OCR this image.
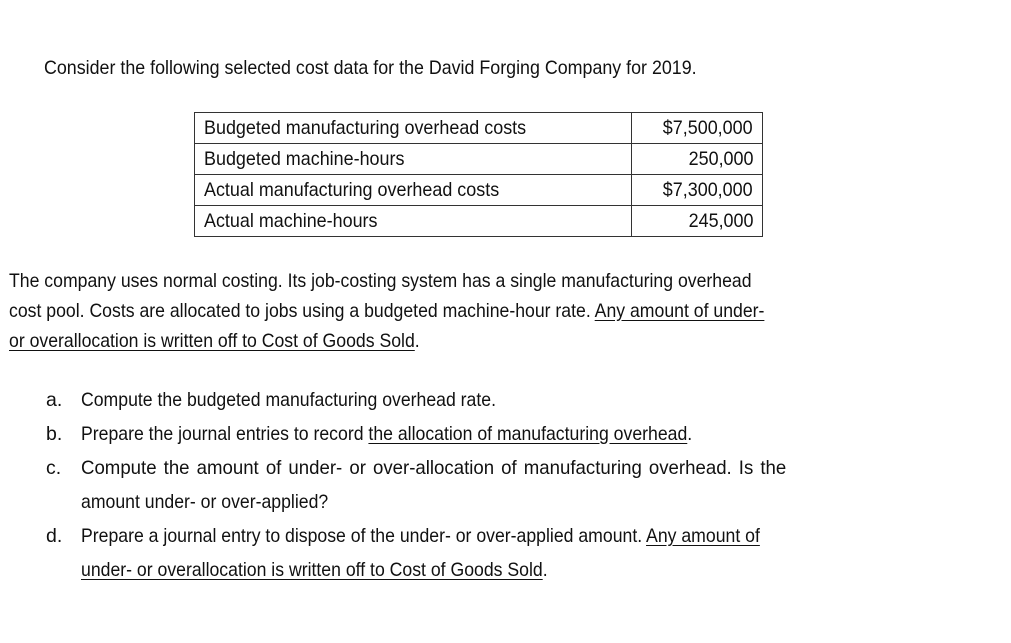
Consider the following selected cost data for the David Forging Company for 2019.
Budgeted manufacturing overhead costs	$7,500,000
Budgeted machine-hours	250,000
Actual manufacturing overhead costs	$7,300,000
Actual machine-hours	245,000
The company uses normal costing. Its job-costing system has a single manufacturing overhead
cost pool. Costs are allocated to jobs using a budgeted machine-hour rate. Any amount of under-
or overallocation is written off to Cost of Goods Sold.
a. Compute the budgeted manufacturing overhead rate.
b. Prepare the journal entries to record the allocation of manufacturing overhead.
c.	Compute the amount of under- or over-allocation of manufacturing overhead. Is the
amount under- or over-applied?
d. Prepare a journal entry to dispose of the under- or over-applied amount. Any amount of
under- or overallocation is written off to Cost of Goods Sold.
